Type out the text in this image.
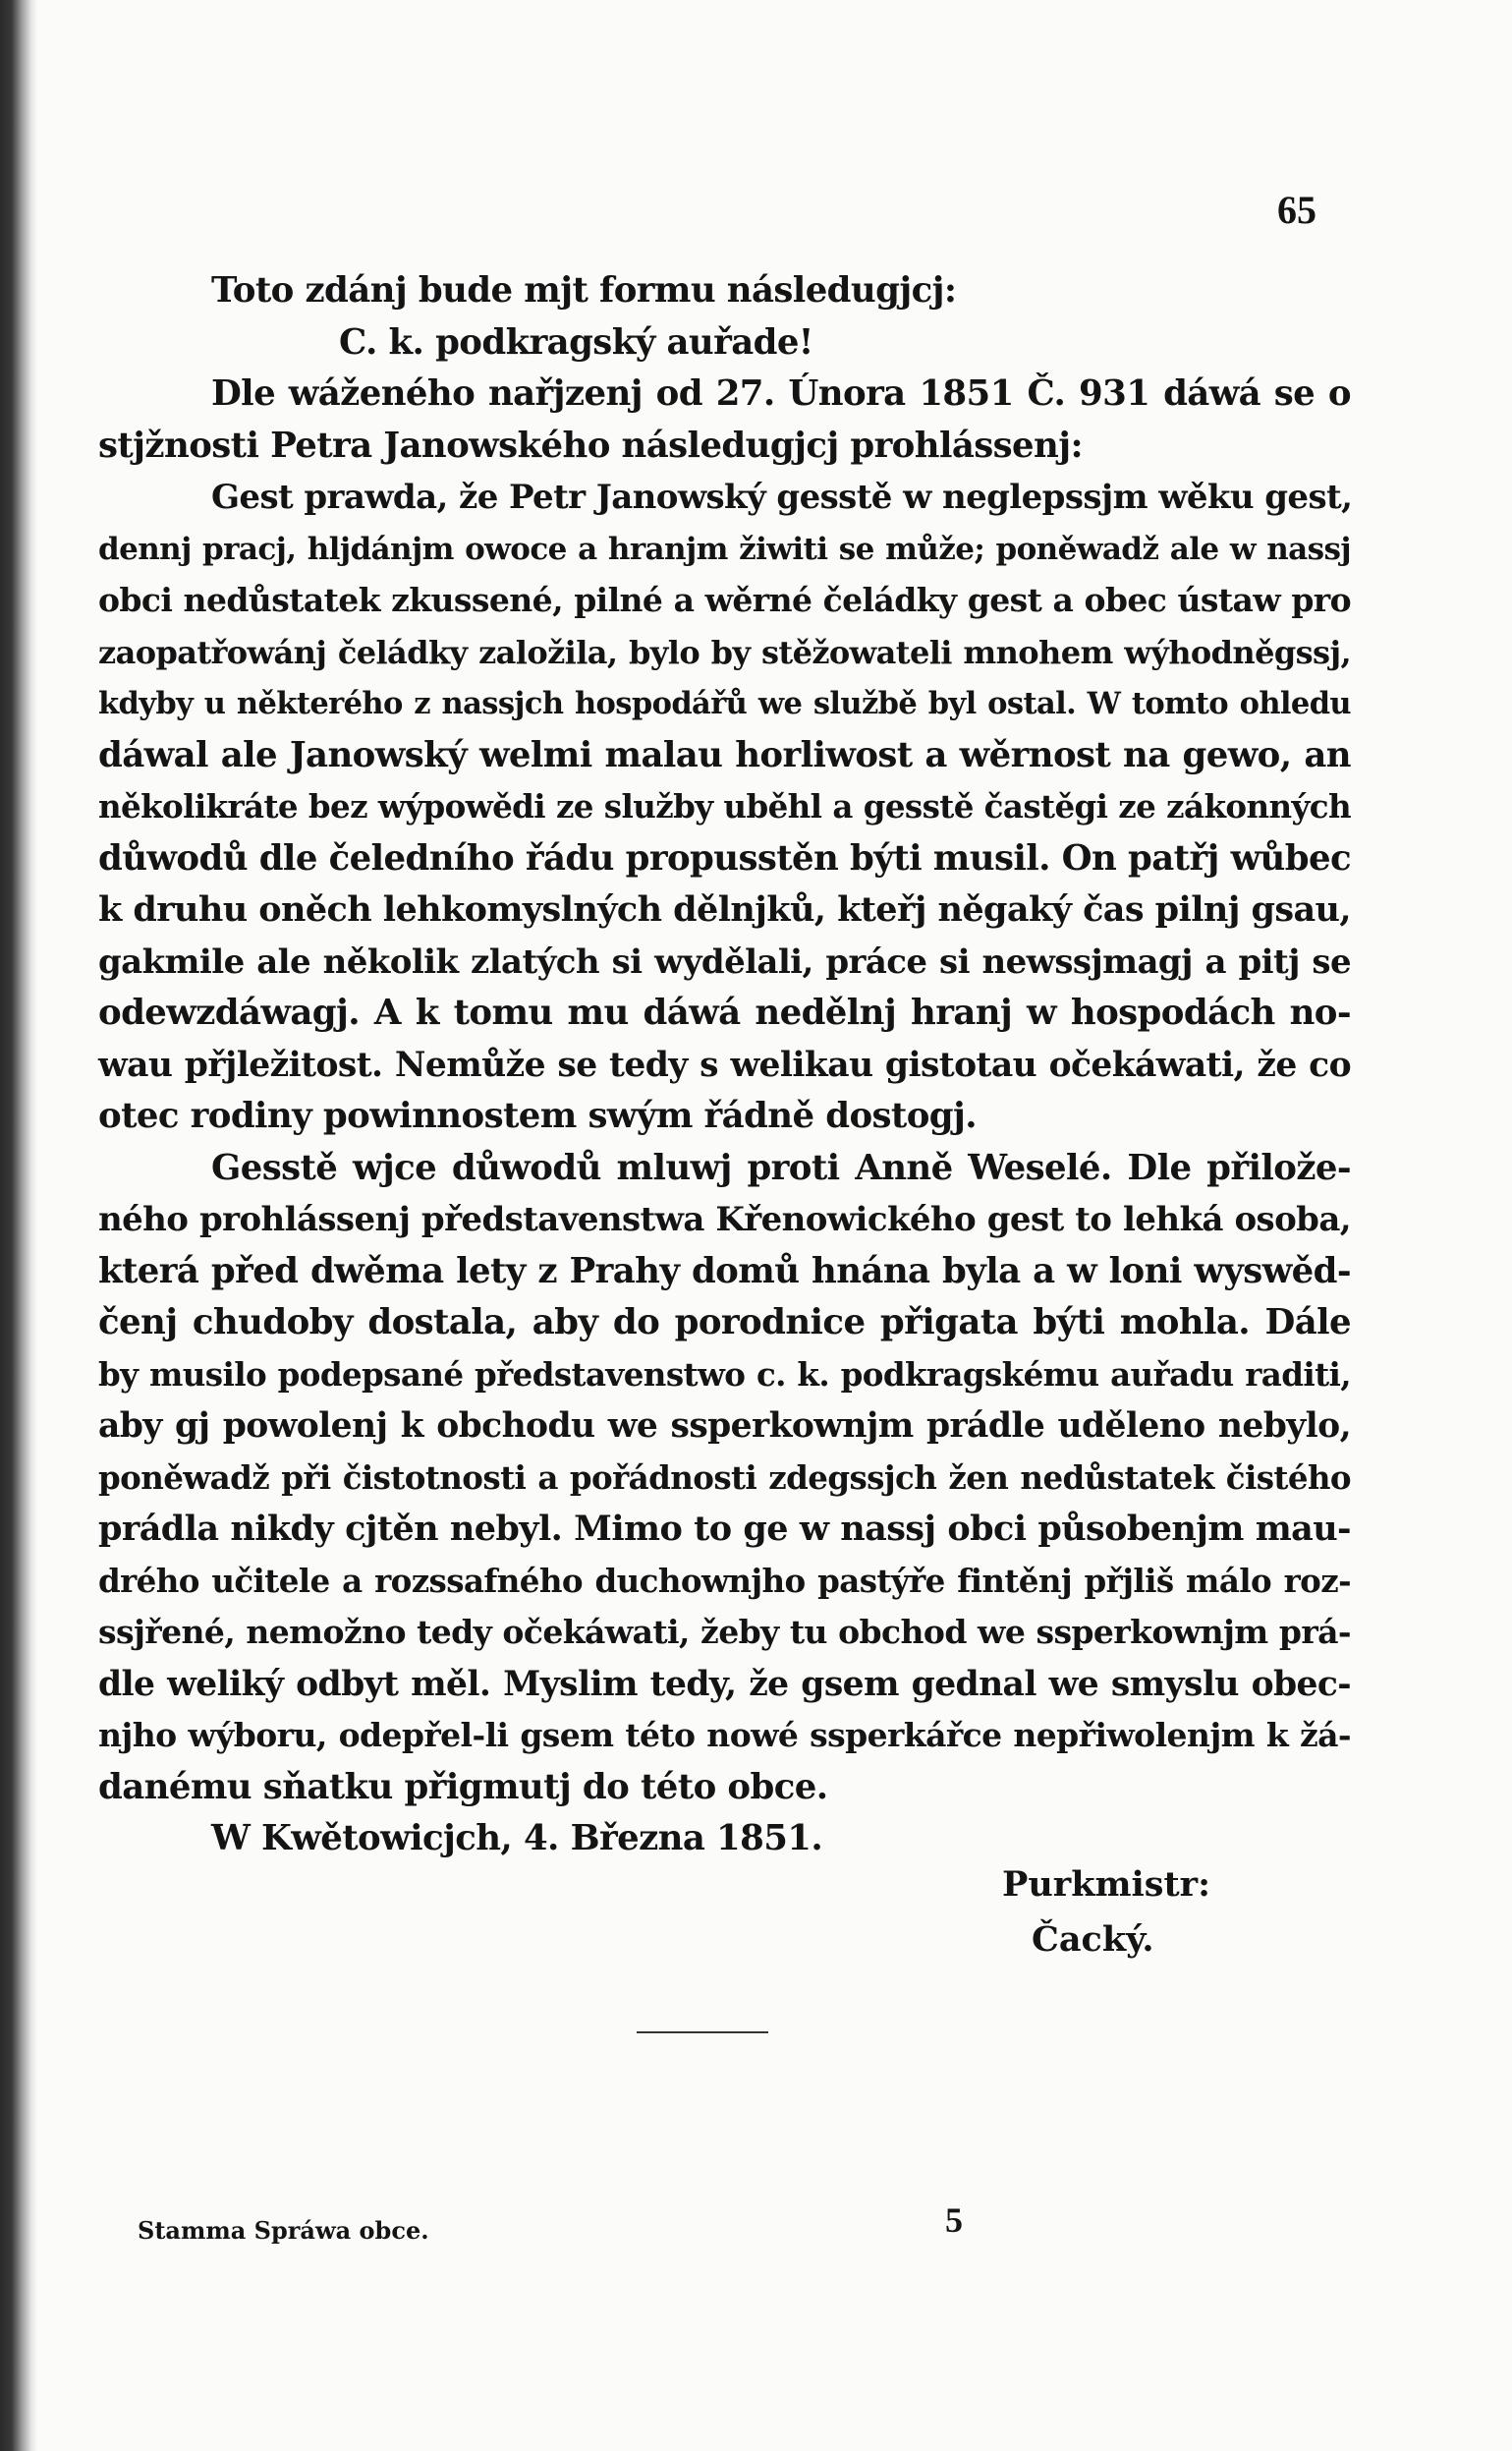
65
Toto zdánj bude mjt formu následugjcj:
C. k. podkragský auřade!
Dle wáženého nařjzenj od 27. Února 1851 Č. 931 dáwá se o
stjžnosti Petra Janowského následugjcj prohlássenj:
Gest prawda, že Petr Janowský gesstě w neglepssjm wěku gest,
dennj pracj, hljdánjm owoce a hranjm žiwiti se může; poněwadž ale w nassj
obci nedůstatek zkussené, pilné a wěrné čeládky gest a obec ústaw pro
zaopatřowánj čeládky založila, bylo by stěžowateli mnohem wýhodněgssj,
kdyby u některého z nassjch hospodářů we službě byl ostal. W tomto ohledu
dáwal ale Janowský welmi malau horliwost a wěrnost na gewo, an
několikráte bez wýpowědi ze služby uběhl a gesstě častěgi ze zákonných
důwodů dle čeledního řádu propusstěn býti musil. On patřj wůbec
k druhu oněch lehkomyslných dělnjků, kteřj něgaký čas pilnj gsau,
gakmile ale několik zlatých si wydělali, práce si newssjmagj a pitj se
odewzdáwagj. A k tomu mu dáwá nedělnj hranj w hospodách no-
wau přjležitost. Nemůže se tedy s welikau gistotau očekáwati, že co
otec rodiny powinnostem swým řádně dostogj.
Gesstě wjce důwodů mluwj proti Anně Weselé. Dle přilože-
ného prohlássenj představenstwa Křenowického gest to lehká osoba,
která před dwěma lety z Prahy domů hnána byla a w loni wyswěd-
čenj chudoby dostala, aby do porodnice přigata býti mohla. Dále
by musilo podepsané představenstwo c. k. podkragskému auřadu raditi,
aby gj powolenj k obchodu we ssperkownjm prádle uděleno nebylo,
poněwadž při čistotnosti a pořádnosti zdegssjch žen nedůstatek čistého
prádla nikdy cjtěn nebyl. Mimo to ge w nassj obci působenjm mau-
drého učitele a rozssafného duchownjho pastýře fintěnj přjliš málo roz-
ssjřené, nemožno tedy očekáwati, žeby tu obchod we ssperkownjm prá-
dle weliký odbyt měl. Myslim tedy, že gsem gednal we smyslu obec-
njho wýboru, odepřel-li gsem této nowé ssperkářce nepřiwolenjm k žá-
danému sňatku přigmutj do této obce.
W Kwětowicjch, 4. Března 1851.
Purkmistr:
Čacký.
Stamma Spráwa obce.	5
